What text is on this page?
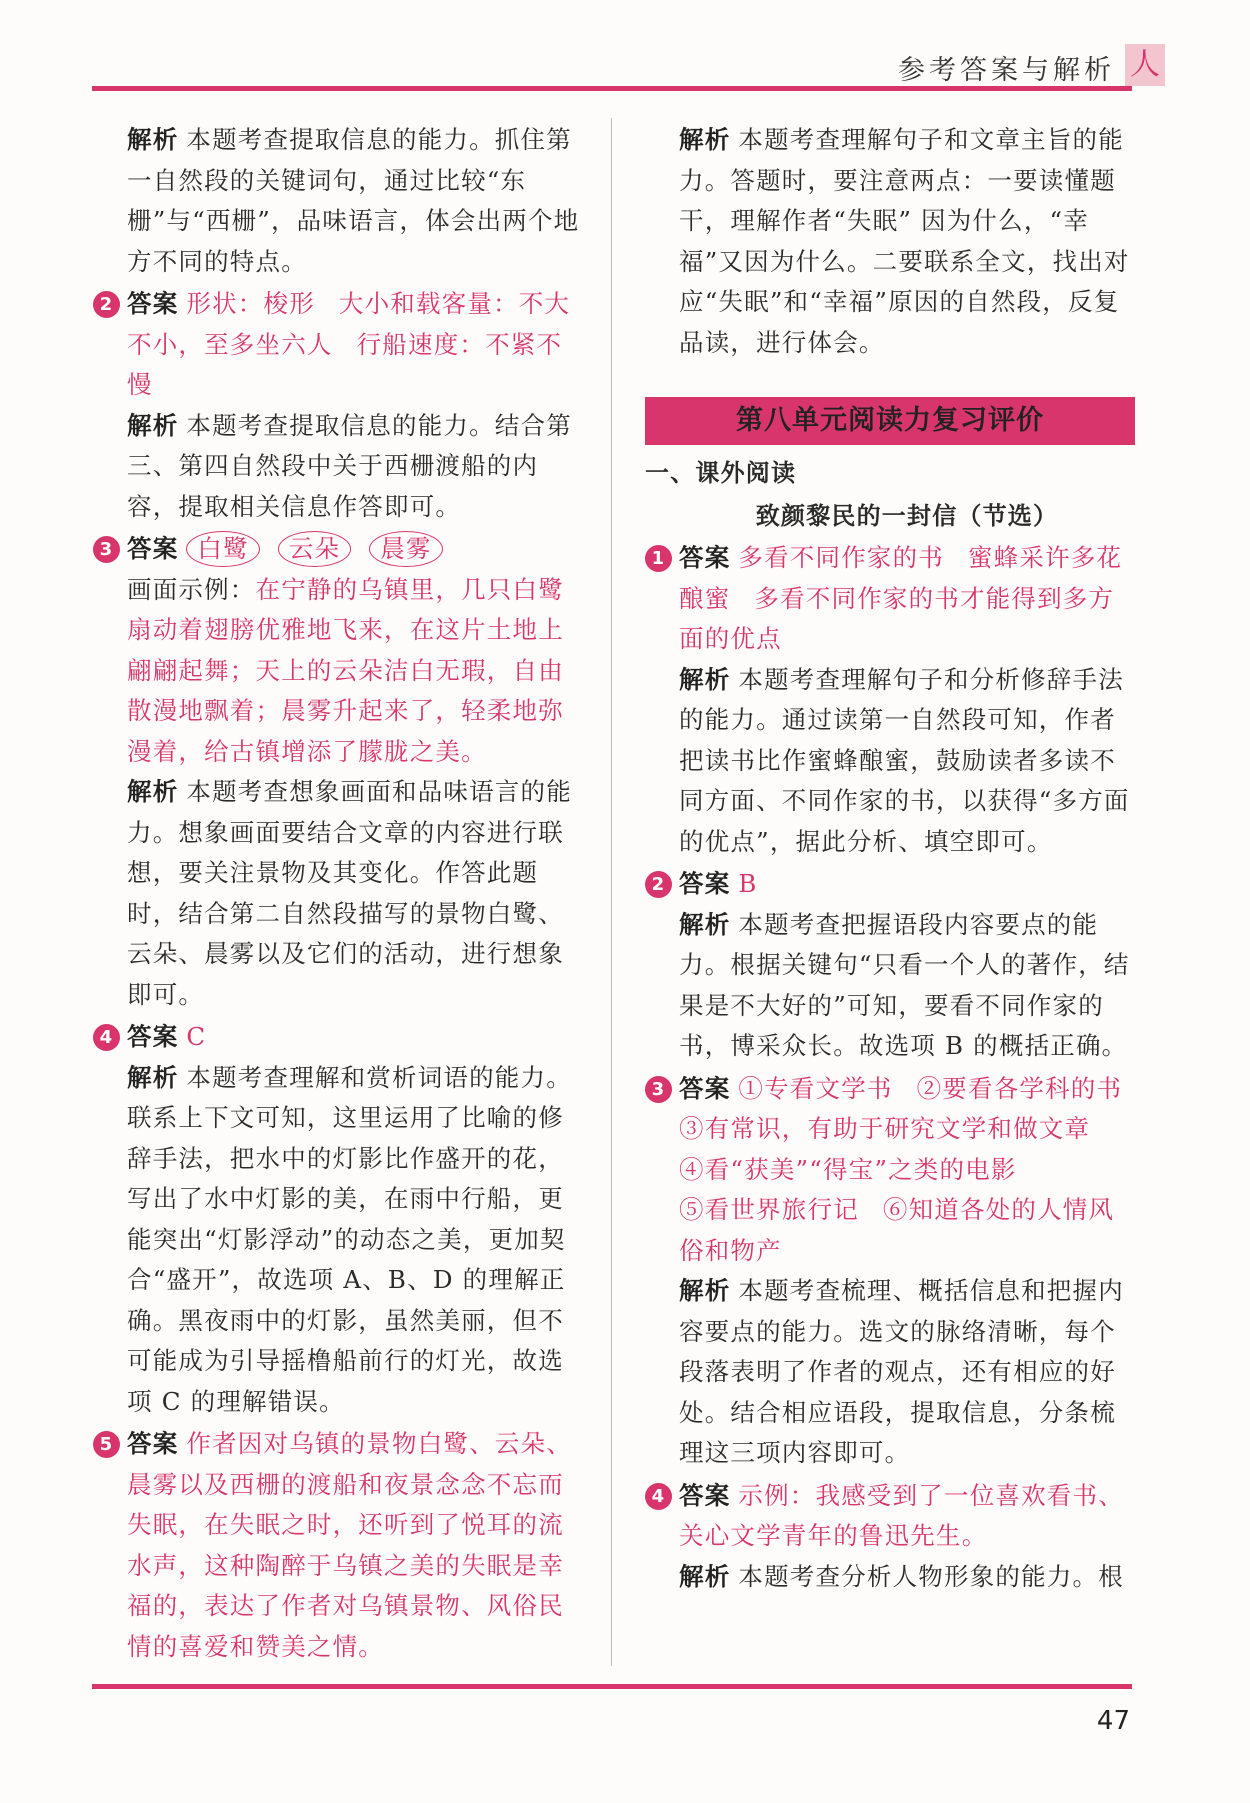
参考答案与解析 人
解析 本题考查提取信息的能力。抓住第一自然段的关键词句，通过比较“东栅”与“西栅”，品味语言，体会出两个地方不同的特点。
2 答案 形状：梭形 大小和载客量：不大不小，至多坐六人 行船速度：不紧不慢
解析 本题考查提取信息的能力。结合第三、第四自然段中关于西栅渡船的内容，提取相关信息作答即可。
3 答案 白鹭 云朵 晨雾
画面示例：在宁静的乌镇里，几只白鹭扇动着翅膀优雅地飞来，在这片土地上翩翩起舞；天上的云朵洁白无瑕，自由散漫地飘着；晨雾升起来了，轻柔地弥漫着，给古镇增添了朦胧之美。
解析 本题考查想象画面和品味语言的能力。想象画面要结合文章的内容进行联想，要关注景物及其变化。作答此题时，结合第二自然段描写的景物白鹭、云朵、晨雾以及它们的活动，进行想象即可。
4 答案 C
解析 本题考查理解和赏析词语的能力。联系上下文可知，这里运用了比喻的修辞手法，把水中的灯影比作盛开的花，写出了水中灯影的美，在雨中行船，更能突出“灯影浮动”的动态之美，更加契合“盛开”，故选项 A、B、D 的理解正确。黑夜雨中的灯影，虽然美丽，但不可能成为引导摇橹船前行的灯光，故选项 C 的理解错误。
5 答案 作者因对乌镇的景物白鹭、云朵、晨雾以及西栅的渡船和夜景念念不忘而失眠，在失眠之时，还听到了悦耳的流水声，这种陶醉于乌镇之美的失眠是幸福的，表达了作者对乌镇景物、风俗民情的喜爱和赞美之情。
解析 本题考查理解句子和文章主旨的能力。答题时，要注意两点：一要读懂题干，理解作者“失眠” 因为什么，“幸福”又因为什么。二要联系全文，找出对应“失眠”和“幸福”原因的自然段，反复品读，进行体会。
第八单元阅读力复习评价
一、课外阅读
致颜黎民的一封信（节选）
1 答案 多看不同作家的书 蜜蜂采许多花酿蜜 多看不同作家的书才能得到多方面的优点
解析 本题考查理解句子和分析修辞手法的能力。通过读第一自然段可知，作者把读书比作蜜蜂酿蜜，鼓励读者多读不同方面、不同作家的书，以获得“多方面的优点”，据此分析、填空即可。
2 答案 B
解析 本题考查把握语段内容要点的能力。根据关键句“只看一个人的著作，结果是不大好的”可知，要看不同作家的书，博采众长。故选项 B 的概括正确。
3 答案 ①专看文学书 ②要看各学科的书
③有常识，有助于研究文学和做文章
④看“获美”“得宝”之类的电影
⑤看世界旅行记 ⑥知道各处的人情风俗和物产
解析 本题考查梳理、概括信息和把握内容要点的能力。选文的脉络清晰，每个段落表明了作者的观点，还有相应的好处。结合相应语段，提取信息，分条梳理这三项内容即可。
4 答案 示例：我感受到了一位喜欢看书、关心文学青年的鲁迅先生。
解析 本题考查分析人物形象的能力。根
47
